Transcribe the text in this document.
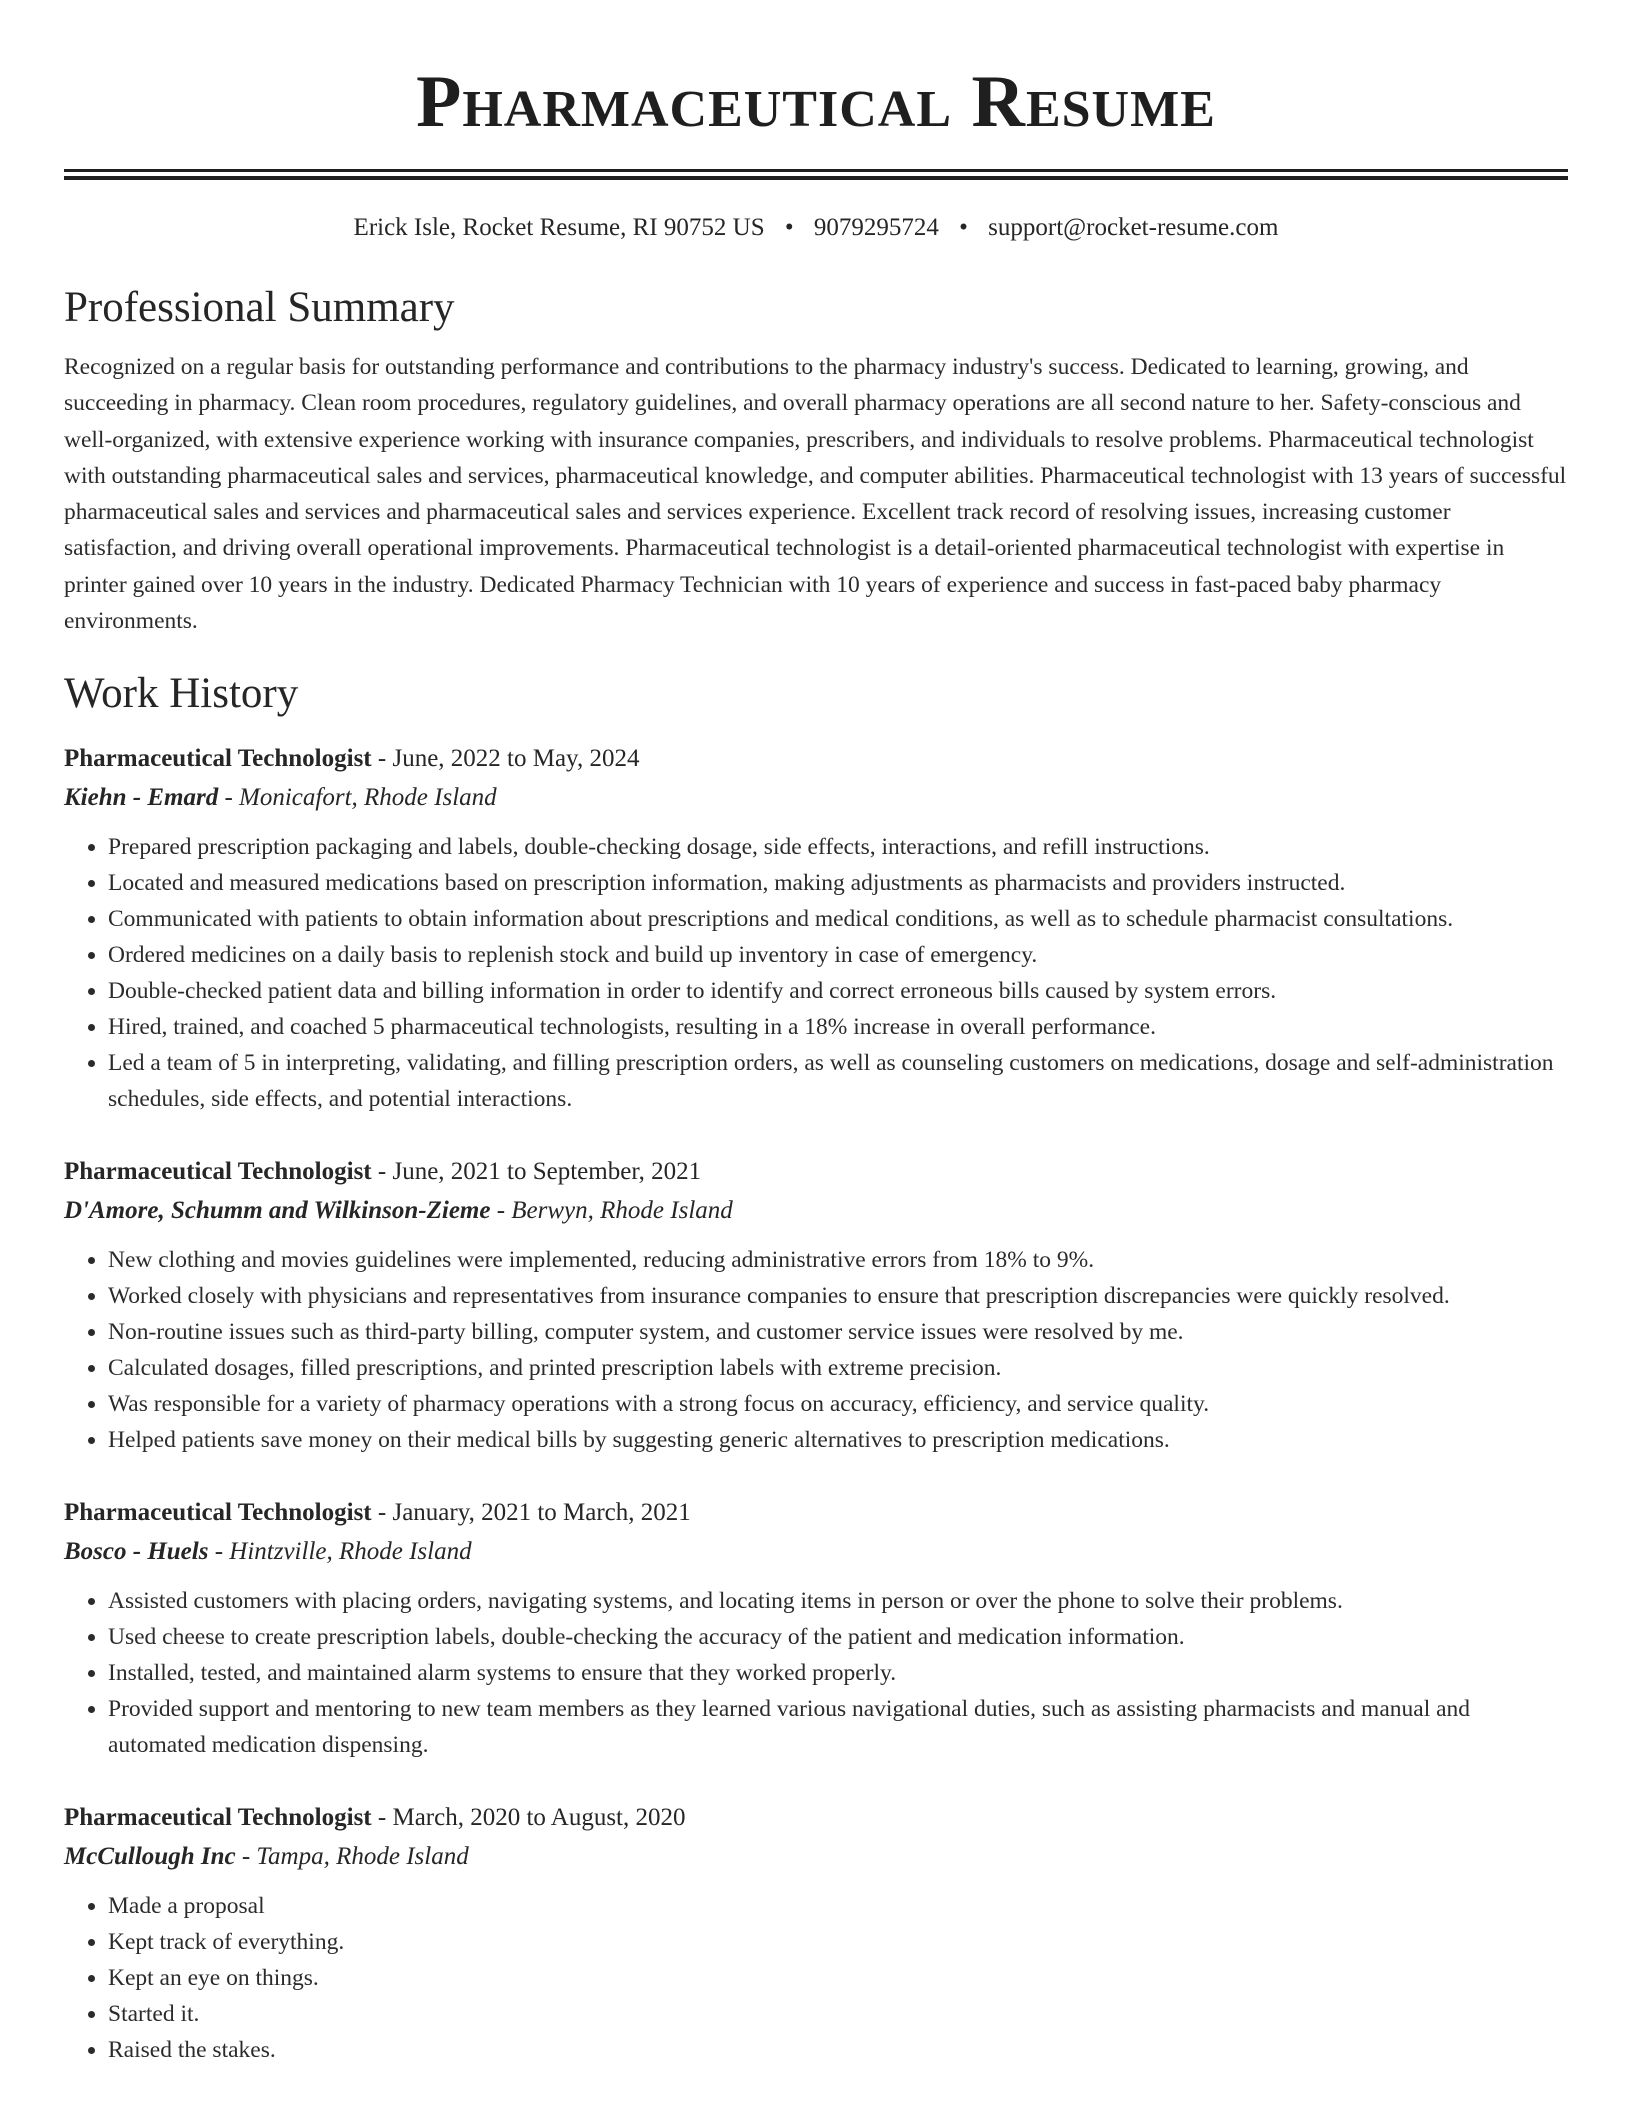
Pharmaceutical Resume
Erick Isle, Rocket Resume, RI 90752 US • 9079295724 • support@rocket-resume.com
Professional Summary
Recognized on a regular basis for outstanding performance and contributions to the pharmacy industry's success. Dedicated to learning, growing, and succeeding in pharmacy. Clean room procedures, regulatory guidelines, and overall pharmacy operations are all second nature to her. Safety-conscious and well-organized, with extensive experience working with insurance companies, prescribers, and individuals to resolve problems. Pharmaceutical technologist with outstanding pharmaceutical sales and services, pharmaceutical knowledge, and computer abilities. Pharmaceutical technologist with 13 years of successful pharmaceutical sales and services and pharmaceutical sales and services experience. Excellent track record of resolving issues, increasing customer satisfaction, and driving overall operational improvements. Pharmaceutical technologist is a detail-oriented pharmaceutical technologist with expertise in printer gained over 10 years in the industry. Dedicated Pharmacy Technician with 10 years of experience and success in fast-paced baby pharmacy environments.
Work History
Pharmaceutical Technologist - June, 2022 to May, 2024
Kiehn - Emard - Monicafort, Rhode Island
• Prepared prescription packaging and labels, double-checking dosage, side effects, interactions, and refill instructions.
• Located and measured medications based on prescription information, making adjustments as pharmacists and providers instructed.
• Communicated with patients to obtain information about prescriptions and medical conditions, as well as to schedule pharmacist consultations.
• Ordered medicines on a daily basis to replenish stock and build up inventory in case of emergency.
• Double-checked patient data and billing information in order to identify and correct erroneous bills caused by system errors.
• Hired, trained, and coached 5 pharmaceutical technologists, resulting in a 18% increase in overall performance.
• Led a team of 5 in interpreting, validating, and filling prescription orders, as well as counseling customers on medications, dosage and self-administration schedules, side effects, and potential interactions.
Pharmaceutical Technologist - June, 2021 to September, 2021
D'Amore, Schumm and Wilkinson-Zieme - Berwyn, Rhode Island
• New clothing and movies guidelines were implemented, reducing administrative errors from 18% to 9%.
• Worked closely with physicians and representatives from insurance companies to ensure that prescription discrepancies were quickly resolved.
• Non-routine issues such as third-party billing, computer system, and customer service issues were resolved by me.
• Calculated dosages, filled prescriptions, and printed prescription labels with extreme precision.
• Was responsible for a variety of pharmacy operations with a strong focus on accuracy, efficiency, and service quality.
• Helped patients save money on their medical bills by suggesting generic alternatives to prescription medications.
Pharmaceutical Technologist - January, 2021 to March, 2021
Bosco - Huels - Hintzville, Rhode Island
• Assisted customers with placing orders, navigating systems, and locating items in person or over the phone to solve their problems.
• Used cheese to create prescription labels, double-checking the accuracy of the patient and medication information.
• Installed, tested, and maintained alarm systems to ensure that they worked properly.
• Provided support and mentoring to new team members as they learned various navigational duties, such as assisting pharmacists and manual and automated medication dispensing.
Pharmaceutical Technologist - March, 2020 to August, 2020
McCullough Inc - Tampa, Rhode Island
• Made a proposal
• Kept track of everything.
• Kept an eye on things.
• Started it.
• Raised the stakes.
